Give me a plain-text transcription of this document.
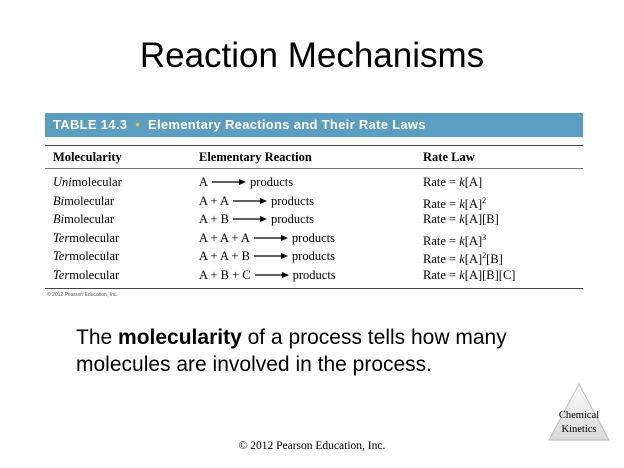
Reaction Mechanisms
TABLE 14.3 • Elementary Reactions and Their Rate Laws
Molecularity	Elementary Reaction	Rate Law
Unimolecular	A → products	Rate = k[A]
Bimolecular	A + A → products	Rate = $k[A]^2$
Bimolecular	A + B → products	Rate = k[A][B]
Termolecular	A + A + A → products	Rate = $k[A]^3$
Termolecular	A + A + B → products	Rate = $k[A]^2[B]$
Termolecular	A + B + C → products	Rate = k[A][B][C]
© 2012 Pearson Education, Inc.
The molecularity of a process tells how many molecules are involved in the process.
Chemical
Kinetics
© 2012 Pearson Education, Inc.
